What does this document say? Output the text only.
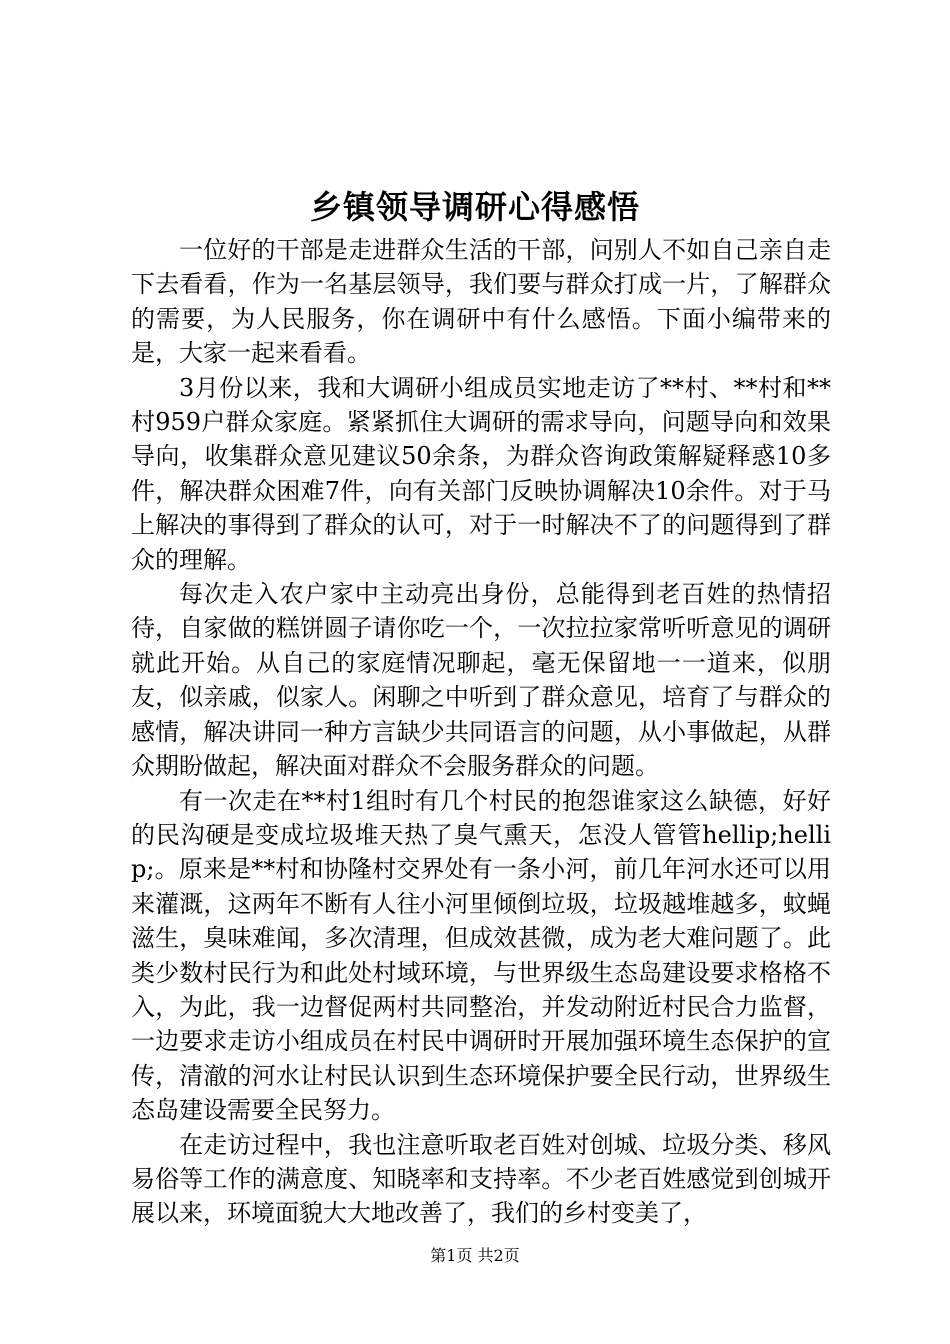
乡镇领导调研心得感悟

一位好的干部是走进群众生活的干部，问别人不如自己亲自走下去看看，作为一名基层领导，我们要与群众打成一片，了解群众的需要，为人民服务，你在调研中有什么感悟。下面小编带来的是，大家一起来看看。

3月份以来，我和大调研小组成员实地走访了**村、**村和**村959户群众家庭。紧紧抓住大调研的需求导向，问题导向和效果导向，收集群众意见建议50余条，为群众咨询政策解疑释惑10多件，解决群众困难7件，向有关部门反映协调解决10余件。对于马上解决的事得到了群众的认可，对于一时解决不了的问题得到了群众的理解。

每次走入农户家中主动亮出身份，总能得到老百姓的热情招待，自家做的糕饼圆子请你吃一个，一次拉拉家常听听意见的调研就此开始。从自己的家庭情况聊起，毫无保留地一一道来，似朋友，似亲戚，似家人。闲聊之中听到了群众意见，培育了与群众的感情，解决讲同一种方言缺少共同语言的问题，从小事做起，从群众期盼做起，解决面对群众不会服务群众的问题。

有一次走在**村1组时有几个村民的抱怨谁家这么缺德，好好的民沟硬是变成垃圾堆天热了臭气熏天，怎没人管管hellip;hellip;。原来是**村和协隆村交界处有一条小河，前几年河水还可以用来灌溉，这两年不断有人往小河里倾倒垃圾，垃圾越堆越多，蚊蝇滋生，臭味难闻，多次清理，但成效甚微，成为老大难问题了。此类少数村民行为和此处村域环境，与世界级生态岛建设要求格格不入，为此，我一边督促两村共同整治，并发动附近村民合力监督，一边要求走访小组成员在村民中调研时开展加强环境生态保护的宣传，清澈的河水让村民认识到生态环境保护要全民行动，世界级生态岛建设需要全民努力。

在走访过程中，我也注意听取老百姓对创城、垃圾分类、移风易俗等工作的满意度、知晓率和支持率。不少老百姓感觉到创城开展以来，环境面貌大大地改善了，我们的乡村变美了，

第1页 共2页
